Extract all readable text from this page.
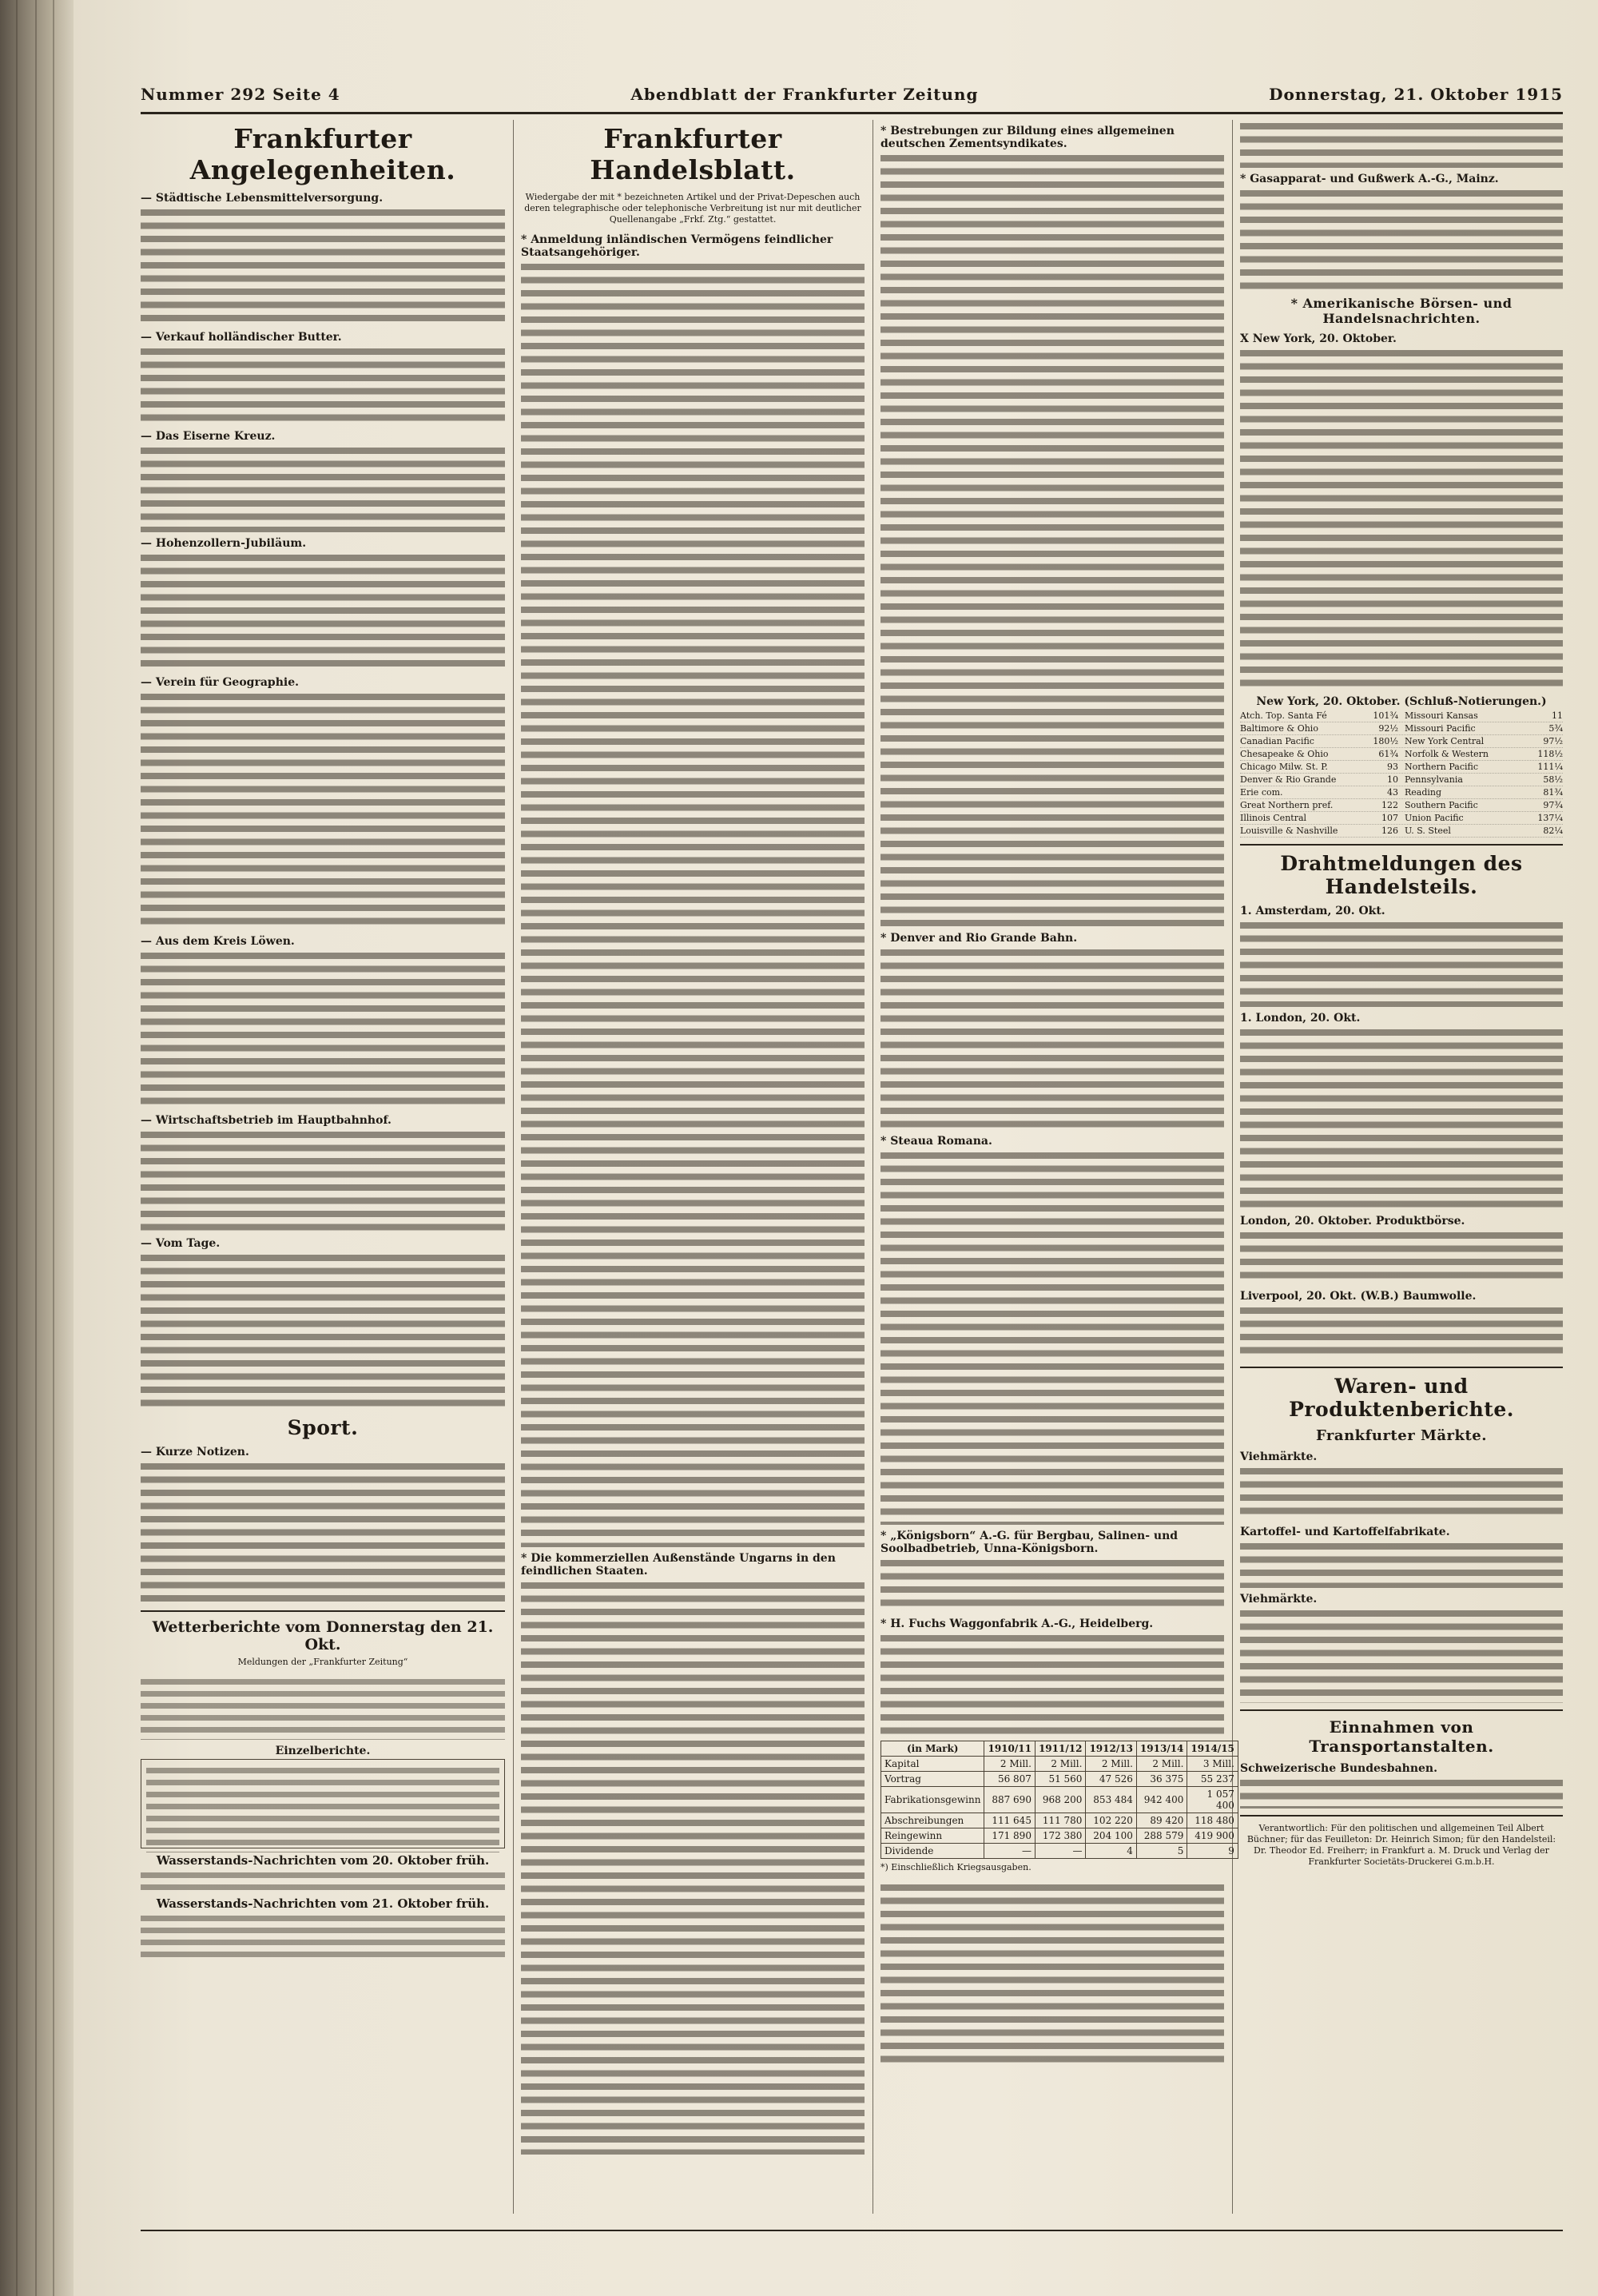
Nummer 292 Seite 4	Abendblatt der Frankfurter Zeitung	Donnerstag, 21. Oktober 1915
Frankfurter Angelegenheiten.
— Städtische Lebensmittelversorgung.
— Verkauf holländischer Butter.
— Das Eiserne Kreuz.
— Hohenzollern-Jubiläum.
— Verein für Geographie.
— Aus dem Kreis Löwen.
— Wirtschaftsbetrieb im Hauptbahnhof.
— Vom Tage.
Sport.
— Kurze Notizen.
Wetterberichte vom Donnerstag den 21. Okt.
Meldungen der „Frankfurter Zeitung“
Einzelberichte.
Wasserstands-Nachrichten vom 20. Oktober früh.
Wasserstands-Nachrichten vom 21. Oktober früh.
Frankfurter Handelsblatt.
Wiedergabe der mit * bezeichneten Artikel und der Privat-Depeschen auch deren telegraphische oder telephonische Verbreitung ist nur mit deutlicher Quellenangabe „Frkf. Ztg.“ gestattet.
* Anmeldung inländischen Vermögens feindlicher Staatsangehöriger.
* Die kommerziellen Außenstände Ungarns in den feindlichen Staaten.
* Bestrebungen zur Bildung eines allgemeinen deutschen Zementsyndikates.
* Denver and Rio Grande Bahn.
* Steaua Romana.
* „Königsborn“ A.-G. für Bergbau, Salinen- und Soolbadbetrieb, Unna-Königsborn.
* H. Fuchs Waggonfabrik A.-G., Heidelberg.
(in Mark)	1910/11	1911/12	1912/13	1913/14	1914/15
Kapital	2 Mill.	2 Mill.	2 Mill.	2 Mill.	3 Mill.
Vortrag	56 807	51 560	47 526	36 375	55 237
Fabrikationsgewinn	887 690	968 200	853 484	942 400	1 057 400
Abschreibungen	111 645	111 780	102 220	89 420	118 480
Reingewinn	171 890	172 380	204 100	288 579	419 900
Dividende	—	—	4	5	9
*) Einschließlich Kriegsausgaben.
* Gasapparat- und Gußwerk A.-G., Mainz.
* Amerikanische Börsen- und Handelsnachrichten.
X New York, 20. Oktober.
New York, 20. Oktober. (Schluß-Notierungen.)
Atch. Top. Santa Fé	101¾ Missouri Kansas	11
Baltimore & Ohio	92½ Missouri Pacific	5¾
Canadian Pacific	180½ New York Central	97½
Chesapeake & Ohio	61¾ Norfolk & Western	118½
Chicago Milw. St. P.	93 Northern Pacific	111¼
Denver & Rio Grande	10 Pennsylvania	58½
Erie com.	43 Reading	81¾
Great Northern pref.	122 Southern Pacific	97¾
Illinois Central	107 Union Pacific	137¼
Louisville & Nashville	126 U. S. Steel	82¼
Drahtmeldungen des Handelsteils.
1. Amsterdam, 20. Okt.
1. London, 20. Okt.
London, 20. Oktober. Produktbörse.
Liverpool, 20. Okt. (W.B.) Baumwolle.
Waren- und Produktenberichte.
Frankfurter Märkte.
Viehmärkte.
Kartoffel- und Kartoffelfabrikate.
Viehmärkte.
Einnahmen von Transportanstalten.
Schweizerische Bundesbahnen.
Verantwortlich: Für den politischen und allgemeinen Teil Albert Büchner; für das Feuilleton: Dr. Heinrich Simon; für den Handelsteil: Dr. Theodor Ed. Freiherr; in Frankfurt a. M. Druck und Verlag der Frankfurter Societäts-Druckerei G.m.b.H.
